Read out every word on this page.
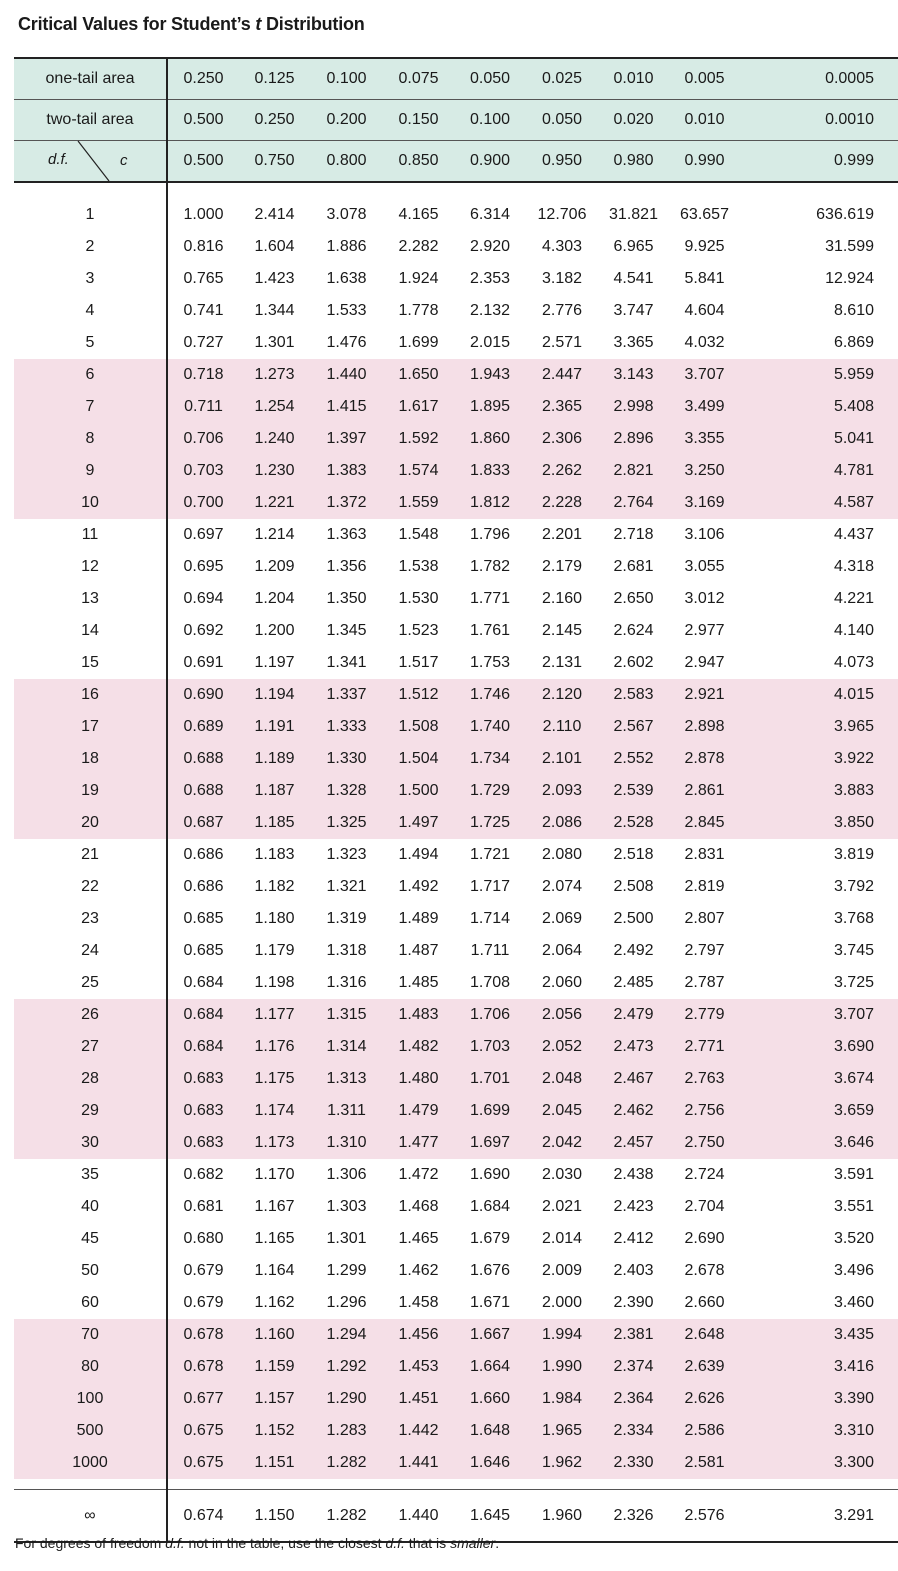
Critical Values for Student’s t Distribution
one-tail area	0.250	0.125	0.100	0.075	0.050	0.025	0.010	0.005	0.0005
two-tail area	0.500	0.250	0.200	0.150	0.100	0.050	0.020	0.010	0.0010

d.f. c	0.500	0.750	0.800	0.850	0.900	0.950	0.980	0.990	0.999

1	1.000	2.414	3.078	4.165	6.314	12.706	31.821	63.657	636.619
2	0.816	1.604	1.886	2.282	2.920	4.303	6.965	9.925	31.599
3	0.765	1.423	1.638	1.924	2.353	3.182	4.541	5.841	12.924
4	0.741	1.344	1.533	1.778	2.132	2.776	3.747	4.604	8.610
5	0.727	1.301	1.476	1.699	2.015	2.571	3.365	4.032	6.869
6	0.718	1.273	1.440	1.650	1.943	2.447	3.143	3.707	5.959
7	0.711	1.254	1.415	1.617	1.895	2.365	2.998	3.499	5.408
8	0.706	1.240	1.397	1.592	1.860	2.306	2.896	3.355	5.041
9	0.703	1.230	1.383	1.574	1.833	2.262	2.821	3.250	4.781
10	0.700	1.221	1.372	1.559	1.812	2.228	2.764	3.169	4.587
11	0.697	1.214	1.363	1.548	1.796	2.201	2.718	3.106	4.437
12	0.695	1.209	1.356	1.538	1.782	2.179	2.681	3.055	4.318
13	0.694	1.204	1.350	1.530	1.771	2.160	2.650	3.012	4.221
14	0.692	1.200	1.345	1.523	1.761	2.145	2.624	2.977	4.140
15	0.691	1.197	1.341	1.517	1.753	2.131	2.602	2.947	4.073
16	0.690	1.194	1.337	1.512	1.746	2.120	2.583	2.921	4.015
17	0.689	1.191	1.333	1.508	1.740	2.110	2.567	2.898	3.965
18	0.688	1.189	1.330	1.504	1.734	2.101	2.552	2.878	3.922
19	0.688	1.187	1.328	1.500	1.729	2.093	2.539	2.861	3.883
20	0.687	1.185	1.325	1.497	1.725	2.086	2.528	2.845	3.850
21	0.686	1.183	1.323	1.494	1.721	2.080	2.518	2.831	3.819
22	0.686	1.182	1.321	1.492	1.717	2.074	2.508	2.819	3.792
23	0.685	1.180	1.319	1.489	1.714	2.069	2.500	2.807	3.768
24	0.685	1.179	1.318	1.487	1.711	2.064	2.492	2.797	3.745
25	0.684	1.198	1.316	1.485	1.708	2.060	2.485	2.787	3.725
26	0.684	1.177	1.315	1.483	1.706	2.056	2.479	2.779	3.707
27	0.684	1.176	1.314	1.482	1.703	2.052	2.473	2.771	3.690
28	0.683	1.175	1.313	1.480	1.701	2.048	2.467	2.763	3.674
29	0.683	1.174	1.311	1.479	1.699	2.045	2.462	2.756	3.659
30	0.683	1.173	1.310	1.477	1.697	2.042	2.457	2.750	3.646
35	0.682	1.170	1.306	1.472	1.690	2.030	2.438	2.724	3.591
40	0.681	1.167	1.303	1.468	1.684	2.021	2.423	2.704	3.551
45	0.680	1.165	1.301	1.465	1.679	2.014	2.412	2.690	3.520
50	0.679	1.164	1.299	1.462	1.676	2.009	2.403	2.678	3.496
60	0.679	1.162	1.296	1.458	1.671	2.000	2.390	2.660	3.460
70	0.678	1.160	1.294	1.456	1.667	1.994	2.381	2.648	3.435
80	0.678	1.159	1.292	1.453	1.664	1.990	2.374	2.639	3.416
100	0.677	1.157	1.290	1.451	1.660	1.984	2.364	2.626	3.390
500	0.675	1.152	1.283	1.442	1.648	1.965	2.334	2.586	3.310
1000	0.675	1.151	1.282	1.441	1.646	1.962	2.330	2.581	3.300

∞	0.674	1.150	1.282	1.440	1.645	1.960	2.326	2.576	3.291
For degrees of freedom d.f. not in the table, use the closest d.f. that is smaller.
